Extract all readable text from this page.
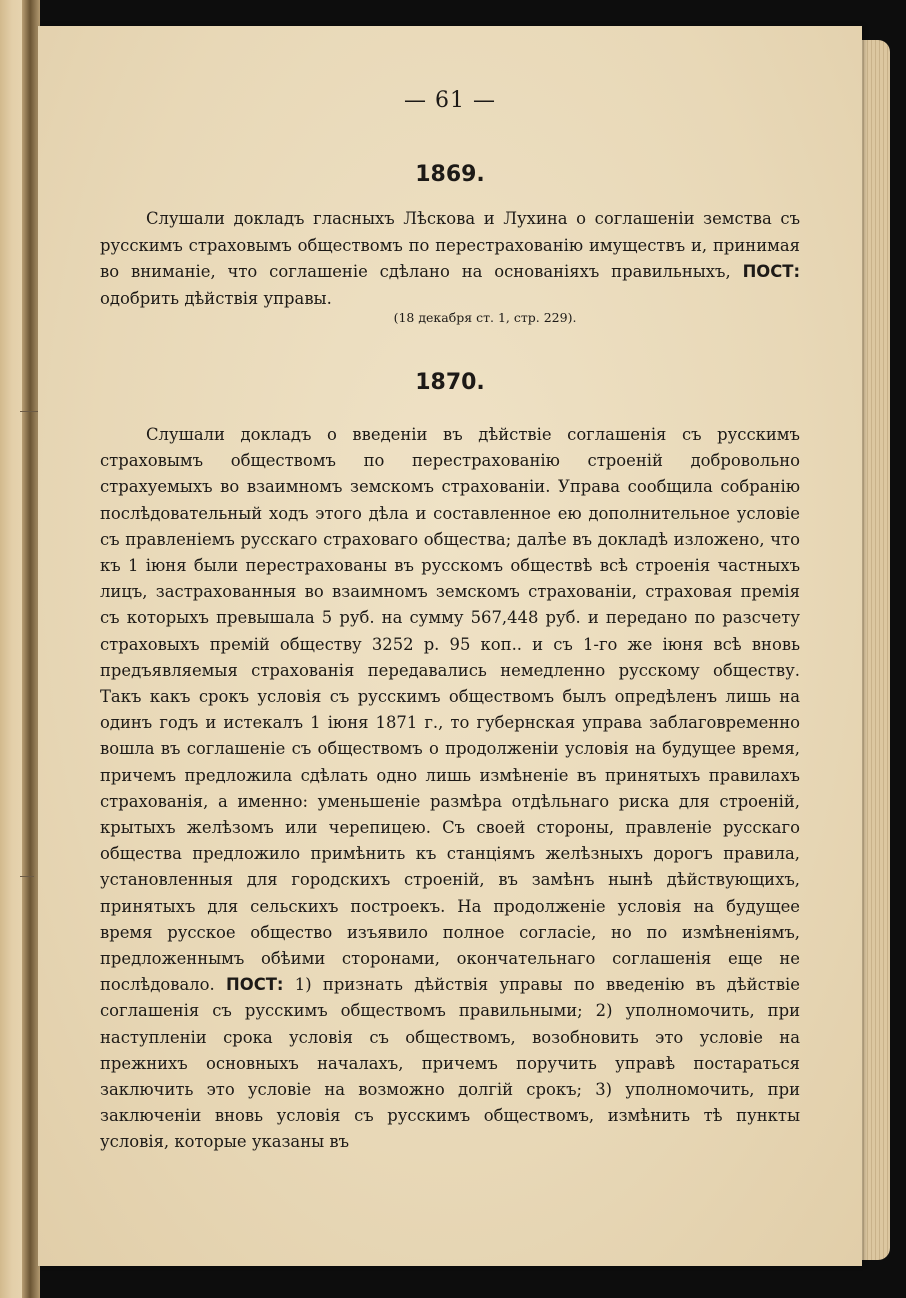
— 61 —
1869.

Слушали докладъ гласныхъ Лѣскова и Лухина о соглашенiи земства съ русскимъ страховымъ обществомъ по перестрахованiю имуществъ и, принимая во вниманiе, что соглашенiе сдѣлано на основанiяхъ правильныхъ, ПОСТ: одобрить дѣйствiя управы.

(18 декабря ст. 1, стр. 229).
1870.

Слушали докладъ о введенiи въ дѣйствiе соглашенiя съ русскимъ страховымъ обществомъ по перестрахованiю строенiй добровольно страхуемыхъ во взаимномъ земскомъ страхованiи. Управа сообщила собранiю послѣдовательный ходъ этого дѣла и составленное ею дополнительное условiе съ правленiемъ русскаго страховаго общества; далѣе въ докладѣ изложено, что къ 1 iюня были перестрахованы въ русскомъ обществѣ всѣ строенiя частныхъ лицъ, застрахованныя во взаимномъ земскомъ страхованiи, страховая премiя съ которыхъ превышала 5 руб. на сумму 567,448 руб. и передано по разсчету страховыхъ премiй обществу 3252 р. 95 коп.. и съ 1-го же iюня всѣ вновь предъявляемыя страхованiя передавались немедленно русскому обществу. Такъ какъ срокъ условiя съ русскимъ обществомъ былъ опредѣленъ лишь на одинъ годъ и истекалъ 1 iюня 1871 г., то губернская управа заблаговременно вошла въ соглашенiе съ обществомъ о продолженiи условiя на будущее время, причемъ предложила сдѣлать одно лишь измѣненiе въ принятыхъ правилахъ страхованiя, а именно: уменьшенiе размѣра отдѣльнаго риска для строенiй, крытыхъ желѣзомъ или черепицею. Съ своей стороны, правленiе русскаго общества предложило примѣнить къ станцiямъ желѣзныхъ дорогъ правила, установленныя для городскихъ строенiй, въ замѣнъ нынѣ дѣйствующихъ, принятыхъ для сельскихъ построекъ. На продолженiе условiя на будущее время русское общество изъявило полное согласiе, но по измѣненiямъ, предложеннымъ обѣими сторонами, окончательнаго соглашенiя еще не послѣдовало. ПОСТ: 1) признать дѣйствiя управы по введенiю въ дѣйствiе соглашенiя съ русскимъ обществомъ правильными; 2) уполномочить, при наступленiи срока условiя съ обществомъ, возобновить это условiе на прежнихъ основныхъ началахъ, причемъ поручить управѣ постараться заключить это условiе на возможно долгiй срокъ; 3) уполномочить, при заключенiи вновь условiя съ русскимъ обществомъ, измѣнить тѣ пункты условiя, которые указаны въ
